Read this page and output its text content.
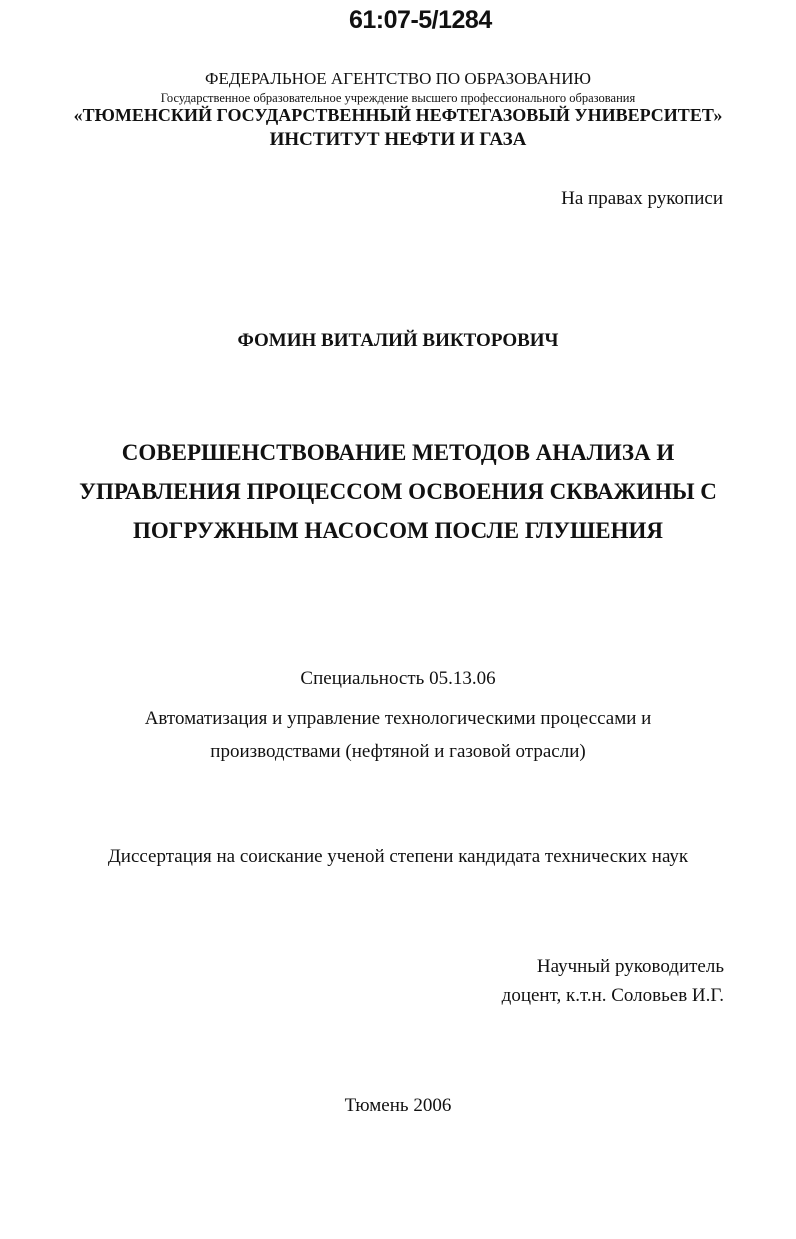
61:07-5/1284
ФЕДЕРАЛЬНОЕ АГЕНТСТВО ПО ОБРАЗОВАНИЮ
Государственное образовательное учреждение высшего профессионального образования
«ТЮМЕНСКИЙ ГОСУДАРСТВЕННЫЙ НЕФТЕГАЗОВЫЙ УНИВЕРСИТЕТ»
ИНСТИТУТ НЕФТИ И ГАЗА
На правах рукописи
ФОМИН ВИТАЛИЙ ВИКТОРОВИЧ
СОВЕРШЕНСТВОВАНИЕ МЕТОДОВ АНАЛИЗА И
УПРАВЛЕНИЯ ПРОЦЕССОМ ОСВОЕНИЯ СКВАЖИНЫ С
ПОГРУЖНЫМ НАСОСОМ ПОСЛЕ ГЛУШЕНИЯ
Специальность 05.13.06
Автоматизация и управление технологическими процессами и
производствами (нефтяной и газовой отрасли)
Диссертация на соискание ученой степени кандидата технических наук
Научный руководитель
доцент, к.т.н. Соловьев И.Г.
Тюмень 2006
